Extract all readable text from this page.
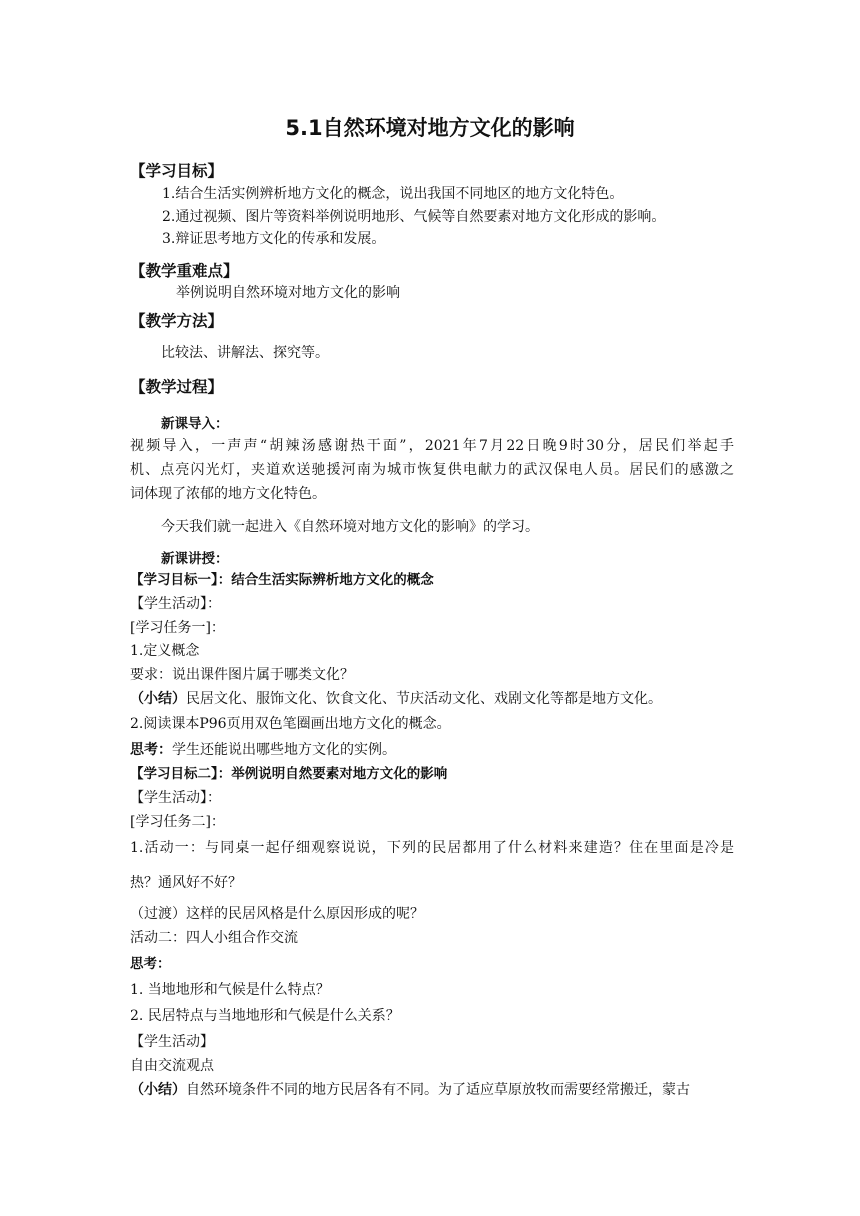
5.1自然环境对地方文化的影响
【学习目标】
1.结合生活实例辨析地方文化的概念，说出我国不同地区的地方文化特色。
2.通过视频、图片等资料举例说明地形、气候等自然要素对地方文化形成的影响。
3.辩证思考地方文化的传承和发展。
【教学重难点】
举例说明自然环境对地方文化的影响
【教学方法】
比较法、讲解法、探究等。
【教学过程】
新课导入：
视频导入，一声声“胡辣汤感谢热干面”，2021年7月22日晚9时30分，居民们举起手
机、点亮闪光灯，夹道欢送驰援河南为城市恢复供电献力的武汉保电人员。居民们的感激之
词体现了浓郁的地方文化特色。
今天我们就一起进入《自然环境对地方文化的影响》的学习。
新课讲授：
【学习目标一】：结合生活实际辨析地方文化的概念
【学生活动】：
[学习任务一]：
1.定义概念
要求：说出课件图片属于哪类文化？
（小结）民居文化、服饰文化、饮食文化、节庆活动文化、戏剧文化等都是地方文化。
2.阅读课本P96页用双色笔圈画出地方文化的概念。
思考：学生还能说出哪些地方文化的实例。
【学习目标二】：举例说明自然要素对地方文化的影响
【学生活动】：
[学习任务二]：
1.活动一：与同桌一起仔细观察说说，下列的民居都用了什么材料来建造？住在里面是冷是
热？通风好不好？
（过渡）这样的民居风格是什么原因形成的呢？
活动二：四人小组合作交流
思考：
1. 当地地形和气候是什么特点？
2. 民居特点与当地地形和气候是什么关系？
【学生活动】
自由交流观点
（小结）自然环境条件不同的地方民居各有不同。为了适应草原放牧而需要经常搬迁，蒙古
